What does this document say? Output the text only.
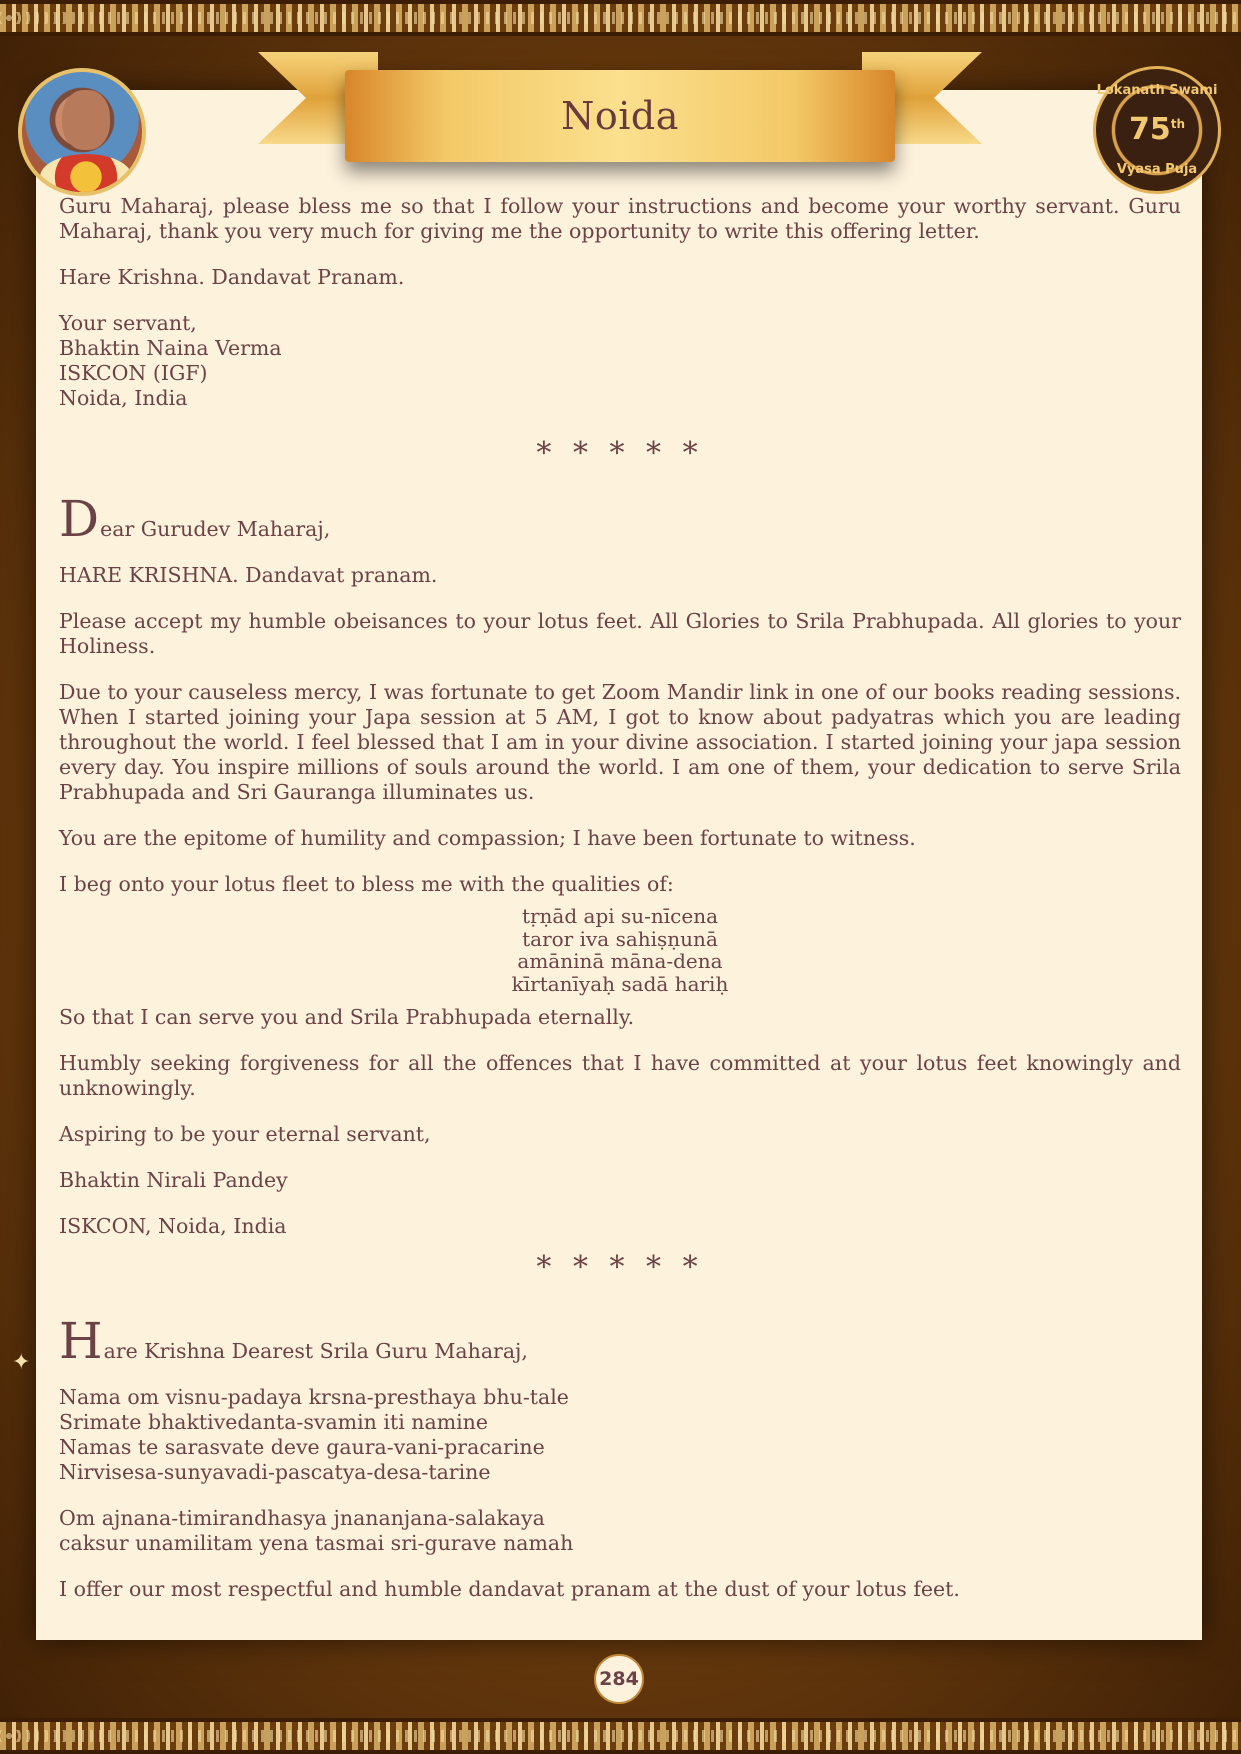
Noida
Lokanath Swami
75th
Vyasa Puja
✦

Guru Maharaj, please bless me so that I follow your instructions and become your worthy servant. Guru Maharaj, thank you very much for giving me the opportunity to write this offering letter.

Hare Krishna. Dandavat Pranam.

Your servant,

Bhaktin Naina Verma

ISKCON (IGF)

Noida, India

* * * * *

D ear Gurudev Maharaj,

HARE KRISHNA. Dandavat pranam.

Please accept my humble obeisances to your lotus feet. All Glories to Srila Prabhupada. All glories to your Holiness.

Due to your causeless mercy, I was fortunate to get Zoom Mandir link in one of our books reading sessions. When I started joining your Japa session at 5 AM, I got to know about padyatras which you are leading throughout the world. I feel blessed that I am in your divine association. I started joining your japa session every day. You inspire millions of souls around the world. I am one of them, your dedication to serve Srila Prabhupada and Sri Gauranga illuminates us.

You are the epitome of humility and compassion; I have been fortunate to witness.

I beg onto your lotus fleet to bless me with the qualities of:

tṛṇād api su-nīcena

taror iva sahiṣṇunā

amāninā māna-dena

kīrtanīyaḥ sadā hariḥ

So that I can serve you and Srila Prabhupada eternally.

Humbly seeking forgiveness for all the offences that I have committed at your lotus feet knowingly and unknowingly.

Aspiring to be your eternal servant,

Bhaktin Nirali Pandey

ISKCON, Noida, India

* * * * *

H are Krishna Dearest Srila Guru Maharaj,

Nama om visnu-padaya krsna-presthaya bhu-tale

Srimate bhaktivedanta-svamin iti namine

Namas te sarasvate deve gaura-vani-pracarine

Nirvisesa-sunyavadi-pascatya-desa-tarine

Om ajnana-timirandhasya jnananjana-salakaya

caksur unamilitam yena tasmai sri-gurave namah

I offer our most respectful and humble dandavat pranam at the dust of your lotus feet.

284
